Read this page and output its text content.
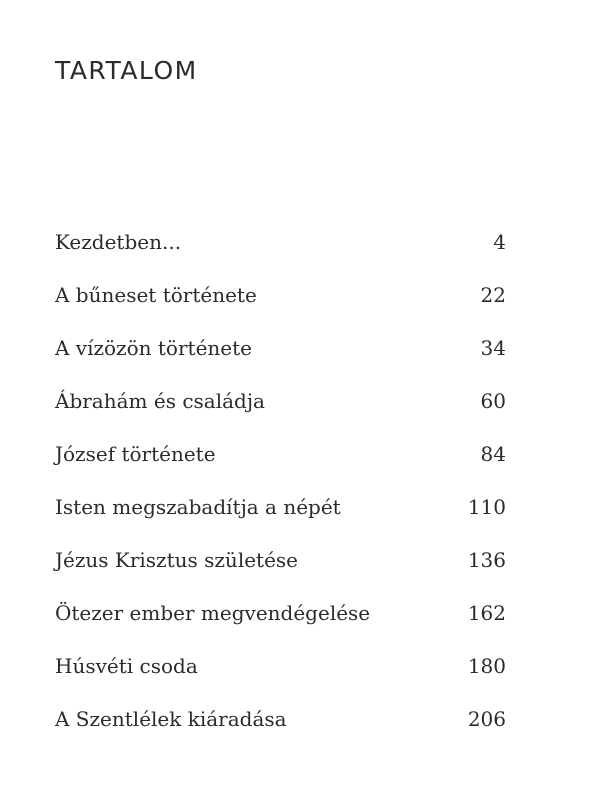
TARTALOM
Kezdetben...	4
A bűneset története	22
A vízözön története	34
Ábrahám és családja	60
József története	84
Isten megszabadítja a népét	110
Jézus Krisztus születése	136
Ötezer ember megvendégelése	162
Húsvéti csoda	180
A Szentlélek kiáradása	206
